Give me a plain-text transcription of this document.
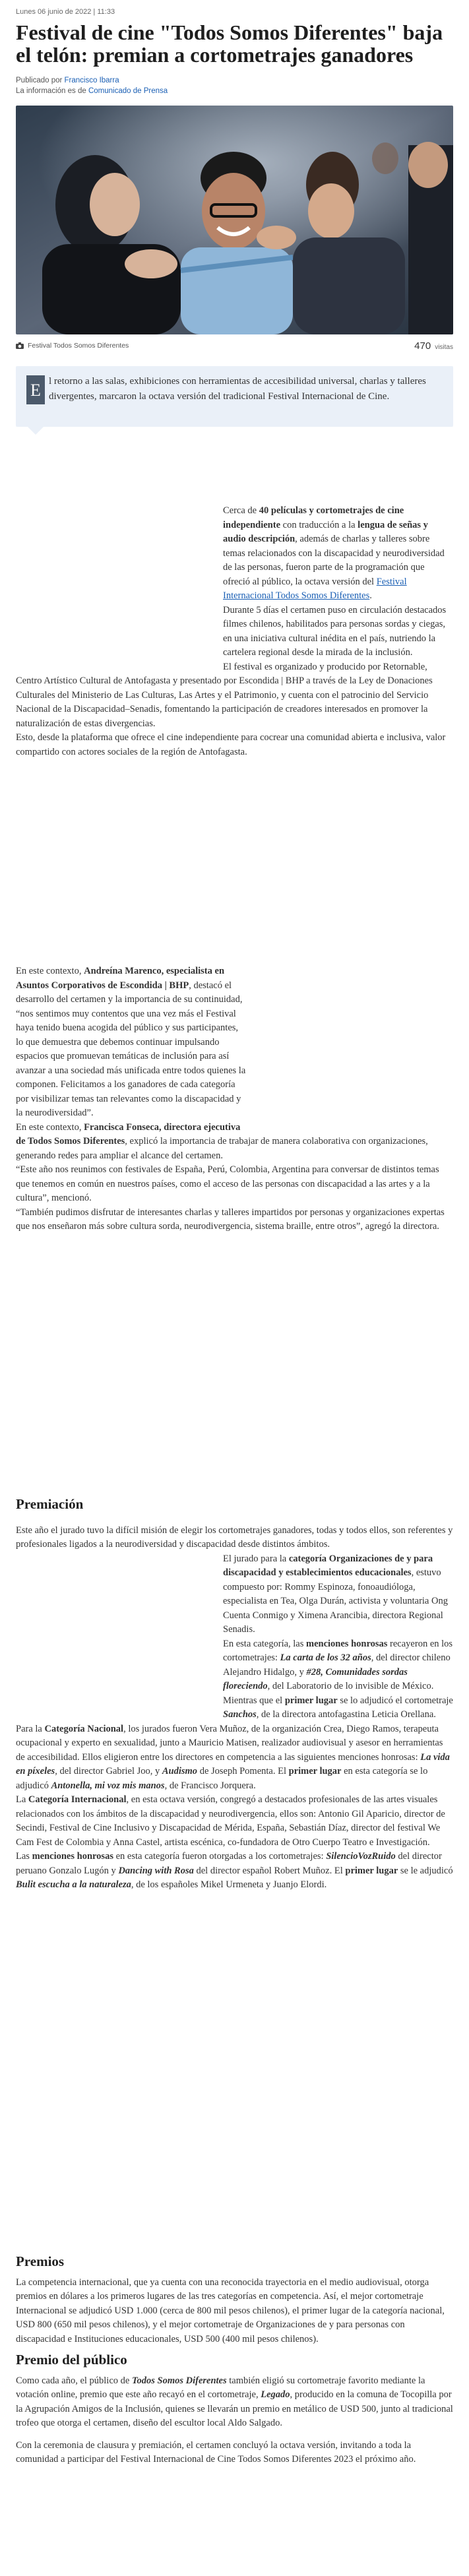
Lunes 06 junio de 2022 | 11:33
Festival de cine "Todos Somos Diferentes" baja el telón: premian a cortometrajes ganadores
Publicado por Francisco Ibarra
La información es de Comunicado de Prensa
Festival Todos Somos Diferentes	470 visitas
E l retorno a las salas, exhibiciones con herramientas de accesibilidad universal, charlas y talleres divergentes, marcaron la octava versión del tradicional Festival Internacional de Cine.

Cerca de 40 películas y cortometrajes de cine independiente con traducción a la lengua de señas y audio descripción, además de charlas y talleres sobre temas relacionados con la discapacidad y neurodiversidad de las personas, fueron parte de la programación que ofreció al público, la octava versión del Festival Internacional Todos Somos Diferentes.

Durante 5 días el certamen puso en circulación destacados filmes chilenos, habilitados para personas sordas y ciegas, en una iniciativa cultural inédita en el país, nutriendo la cartelera regional desde la mirada de la inclusión.

El festival es organizado y producido por Retornable, Centro Artístico Cultural de Antofagasta y presentado por Escondida | BHP a través de la Ley de Donaciones Culturales del Ministerio de Las Culturas, Las Artes y el Patrimonio, y cuenta con el patrocinio del Servicio Nacional de la Discapacidad–Senadis, fomentando la participación de creadores interesados en promover la naturalización de estas divergencias.

Esto, desde la plataforma que ofrece el cine independiente para cocrear una comunidad abierta e inclusiva, valor compartido con actores sociales de la región de Antofagasta.

En este contexto, Andreína Marenco, especialista en Asuntos Corporativos de Escondida | BHP, destacó el desarrollo del certamen y la importancia de su continuidad, “nos sentimos muy contentos que una vez más el Festival haya tenido buena acogida del público y sus participantes, lo que demuestra que debemos continuar impulsando espacios que promuevan temáticas de inclusión para así avanzar a una sociedad más unificada entre todos quienes la componen. Felicitamos a los ganadores de cada categoría por visibilizar temas tan relevantes como la discapacidad y la neurodiversidad”.

En este contexto, Francisca Fonseca, directora ejecutiva de Todos Somos Diferentes, explicó la importancia de trabajar de manera colaborativa con organizaciones, generando redes para ampliar el alcance del certamen.

“Este año nos reunimos con festivales de España, Perú, Colombia, Argentina para conversar de distintos temas que tenemos en común en nuestros países, como el acceso de las personas con discapacidad a las artes y a la cultura”, mencionó.

“También pudimos disfrutar de interesantes charlas y talleres impartidos por personas y organizaciones expertas que nos enseñaron más sobre cultura sorda, neurodivergencia, sistema braille, entre otros”, agregó la directora.

Premiación

Este año el jurado tuvo la difícil misión de elegir los cortometrajes ganadores, todas y todos ellos, son referentes y profesionales ligados a la neurodiversidad y discapacidad desde distintos ámbitos.

El jurado para la categoría Organizaciones de y para discapacidad y establecimientos educacionales, estuvo compuesto por: Rommy Espinoza, fonoaudióloga, especialista en Tea, Olga Durán, activista y voluntaria Ong Cuenta Conmigo y Ximena Arancibia, directora Regional Senadis.

En esta categoría, las menciones honrosas recayeron en los cortometrajes: La carta de los 32 años, del director chileno Alejandro Hidalgo, y #28, Comunidades sordas floreciendo, del Laboratorio de lo invisible de México. Mientras que el primer lugar se lo adjudicó el cortometraje Sanchos, de la directora antofagastina Leticia Orellana.

Para la Categoría Nacional, los jurados fueron Vera Muñoz, de la organización Crea, Diego Ramos, terapeuta ocupacional y experto en sexualidad, junto a Mauricio Matisen, realizador audiovisual y asesor en herramientas de accesibilidad. Ellos eligieron entre los directores en competencia a las siguientes menciones honrosas: La vida en píxeles, del director Gabriel Joo, y Audismo de Joseph Pomenta. El primer lugar en esta categoría se lo adjudicó Antonella, mi voz mis manos, de Francisco Jorquera.

La Categoría Internacional, en esta octava versión, congregó a destacados profesionales de las artes visuales relacionados con los ámbitos de la discapacidad y neurodivergencia, ellos son: Antonio Gil Aparicio, director de Secindi, Festival de Cine Inclusivo y Discapacidad de Mérida, España, Sebastián Díaz, director del festival We Cam Fest de Colombia y Anna Castel, artista escénica, co-fundadora de Otro Cuerpo Teatro e Investigación.

Las menciones honrosas en esta categoría fueron otorgadas a los cortometrajes: SilencioVozRuido del director peruano Gonzalo Lugón y Dancing with Rosa del director español Robert Muñoz. El primer lugar se le adjudicó Bulit escucha a la naturaleza, de los españoles Mikel Urmeneta y Juanjo Elordi.

Premios

La competencia internacional, que ya cuenta con una reconocida trayectoria en el medio audiovisual, otorga premios en dólares a los primeros lugares de las tres categorías en competencia. Así, el mejor cortometraje Internacional se adjudicó USD 1.000 (cerca de 800 mil pesos chilenos), el primer lugar de la categoría nacional, USD 800 (650 mil pesos chilenos), y el mejor cortometraje de Organizaciones de y para personas con discapacidad e Instituciones educacionales, USD 500 (400 mil pesos chilenos).

Premio del público

Como cada año, el público de Todos Somos Diferentes también eligió su cortometraje favorito mediante la votación online, premio que este año recayó en el cortometraje, Legado, producido en la comuna de Tocopilla por la Agrupación Amigos de la Inclusión, quienes se llevarán un premio en metálico de USD 500, junto al tradicional trofeo que otorga el certamen, diseño del escultor local Aldo Salgado.

Con la ceremonia de clausura y premiación, el certamen concluyó la octava versión, invitando a toda la comunidad a participar del Festival Internacional de Cine Todos Somos Diferentes 2023 el próximo año.
